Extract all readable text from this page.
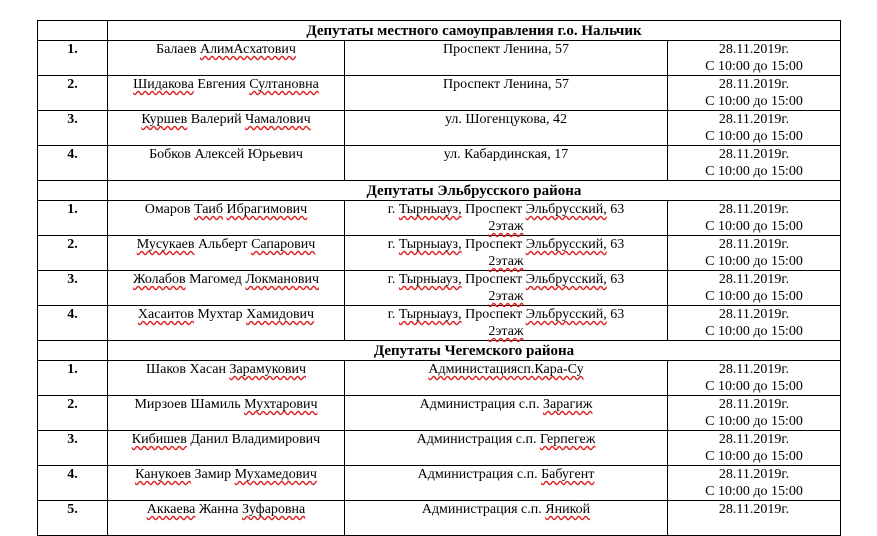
	Депутаты местного самоуправления г.о. Нальчик		
1.	Балаев АлимАсхатович	Проспект Ленина, 57	28.11.2019г.
С 10:00 до 15:00

2.	Шидакова Евгения Султановна	Проспект Ленина, 57	28.11.2019г.
С 10:00 до 15:00

3.	Куршев Валерий Чамалович	ул. Шогенцукова, 42	28.11.2019г.
С 10:00 до 15:00

4.	Бобков Алексей Юрьевич	ул. Кабардинская, 17	28.11.2019г.
С 10:00 до 15:00

	Депутаты Эльбрусского района		
1.	Омаров Таиб Ибрагимович	г. Тырныауз, Проспект Эльбрусский, 63
2этаж	28.11.2019г.
С 10:00 до 15:00

2.	Мусукаев Альберт Сапарович	г. Тырныауз, Проспект Эльбрусский, 63
2этаж	28.11.2019г.
С 10:00 до 15:00

3.	Жолабов Магомед Локманович	г. Тырныауз, Проспект Эльбрусский, 63
2этаж	28.11.2019г.
С 10:00 до 15:00

4.	Хасаитов Мухтар Хамидович	г. Тырныауз, Проспект Эльбрусский, 63
2этаж	28.11.2019г.
С 10:00 до 15:00

	Депутаты Чегемского района		
1.	Шаков Хасан Зарамукович	Администациясп.Кара-Су	28.11.2019г.
С 10:00 до 15:00

2.	Мирзоев Шамиль Мухтарович	Администрация с.п. Зарагиж	28.11.2019г.
С 10:00 до 15:00

3.	Кибишев Данил Владимирович	Администрация с.п. Герпегеж	28.11.2019г.
С 10:00 до 15:00

4.	Канукоев Замир Мухамедович	Администрация с.п. Бабугент	28.11.2019г.
С 10:00 до 15:00

5.	Аккаева Жанна Зуфаровна	Администрация с.п. Яникой	28.11.2019г.
